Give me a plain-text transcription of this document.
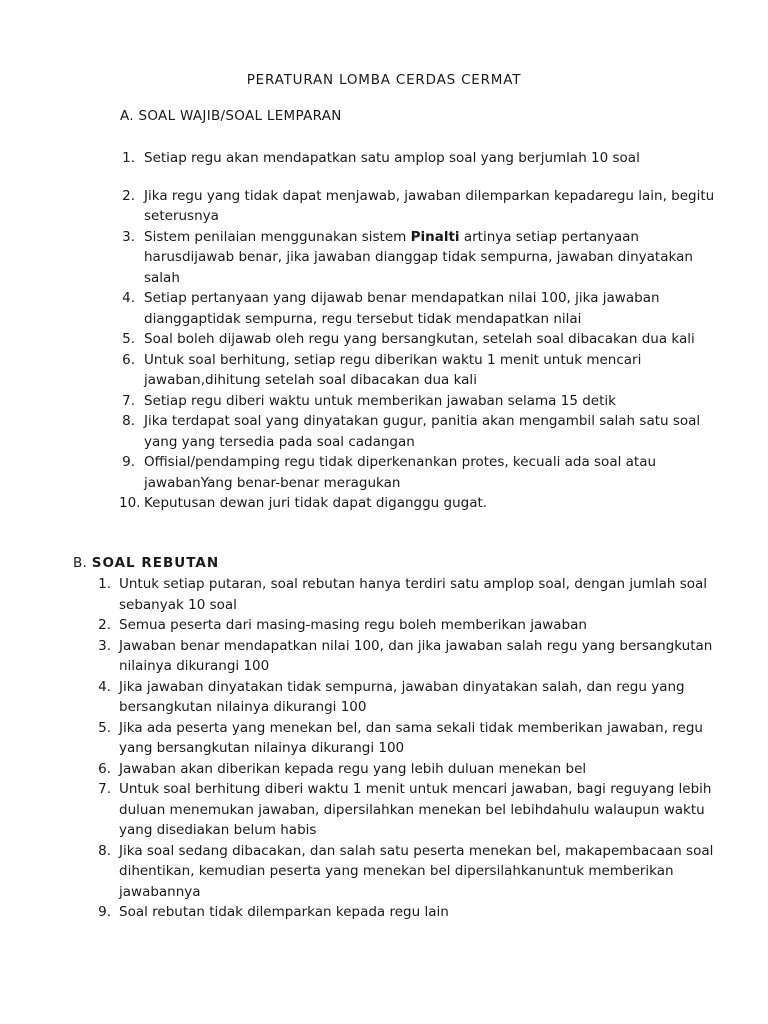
PERATURAN LOMBA CERDAS CERMAT
A. SOAL WAJIB/SOAL LEMPARAN
1. Setiap regu akan mendapatkan satu amplop soal yang berjumlah 10 soal
2. Jika regu yang tidak dapat menjawab, jawaban dilemparkan kepadaregu lain, begitu seterusnya
3. Sistem penilaian menggunakan sistem Pinalti artinya setiap pertanyaan harusdijawab benar, jika jawaban dianggap tidak sempurna, jawaban dinyatakan salah
4. Setiap pertanyaan yang dijawab benar mendapatkan nilai 100, jika jawaban dianggaptidak sempurna, regu tersebut tidak mendapatkan nilai
5. Soal boleh dijawab oleh regu yang bersangkutan, setelah soal dibacakan dua kali
6. Untuk soal berhitung, setiap regu diberikan waktu 1 menit untuk mencari jawaban,dihitung setelah soal dibacakan dua kali
7. Setiap regu diberi waktu untuk memberikan jawaban selama 15 detik
8. Jika terdapat soal yang dinyatakan gugur, panitia akan mengambil salah satu soal yang yang tersedia pada soal cadangan
9. Offisial/pendamping regu tidak diperkenankan protes, kecuali ada soal atau jawabanYang benar-benar meragukan
10. Keputusan dewan juri tidak dapat diganggu gugat.
B. SOAL REBUTAN
1. Untuk setiap putaran, soal rebutan hanya terdiri satu amplop soal, dengan jumlah soal sebanyak 10 soal
2. Semua peserta dari masing-masing regu boleh memberikan jawaban
3. Jawaban benar mendapatkan nilai 100, dan jika jawaban salah regu yang bersangkutan nilainya dikurangi 100
4. Jika jawaban dinyatakan tidak sempurna, jawaban dinyatakan salah, dan regu yang bersangkutan nilainya dikurangi 100
5. Jika ada peserta yang menekan bel, dan sama sekali tidak memberikan jawaban, regu yang bersangkutan nilainya dikurangi 100
6. Jawaban akan diberikan kepada regu yang lebih duluan menekan bel
7. Untuk soal berhitung diberi waktu 1 menit untuk mencari jawaban, bagi reguyang lebih duluan menemukan jawaban, dipersilahkan menekan bel lebihdahulu walaupun waktu yang disediakan belum habis
8. Jika soal sedang dibacakan, dan salah satu peserta menekan bel, makapembacaan soal dihentikan, kemudian peserta yang menekan bel dipersilahkanuntuk memberikan jawabannya
9. Soal rebutan tidak dilemparkan kepada regu lain
